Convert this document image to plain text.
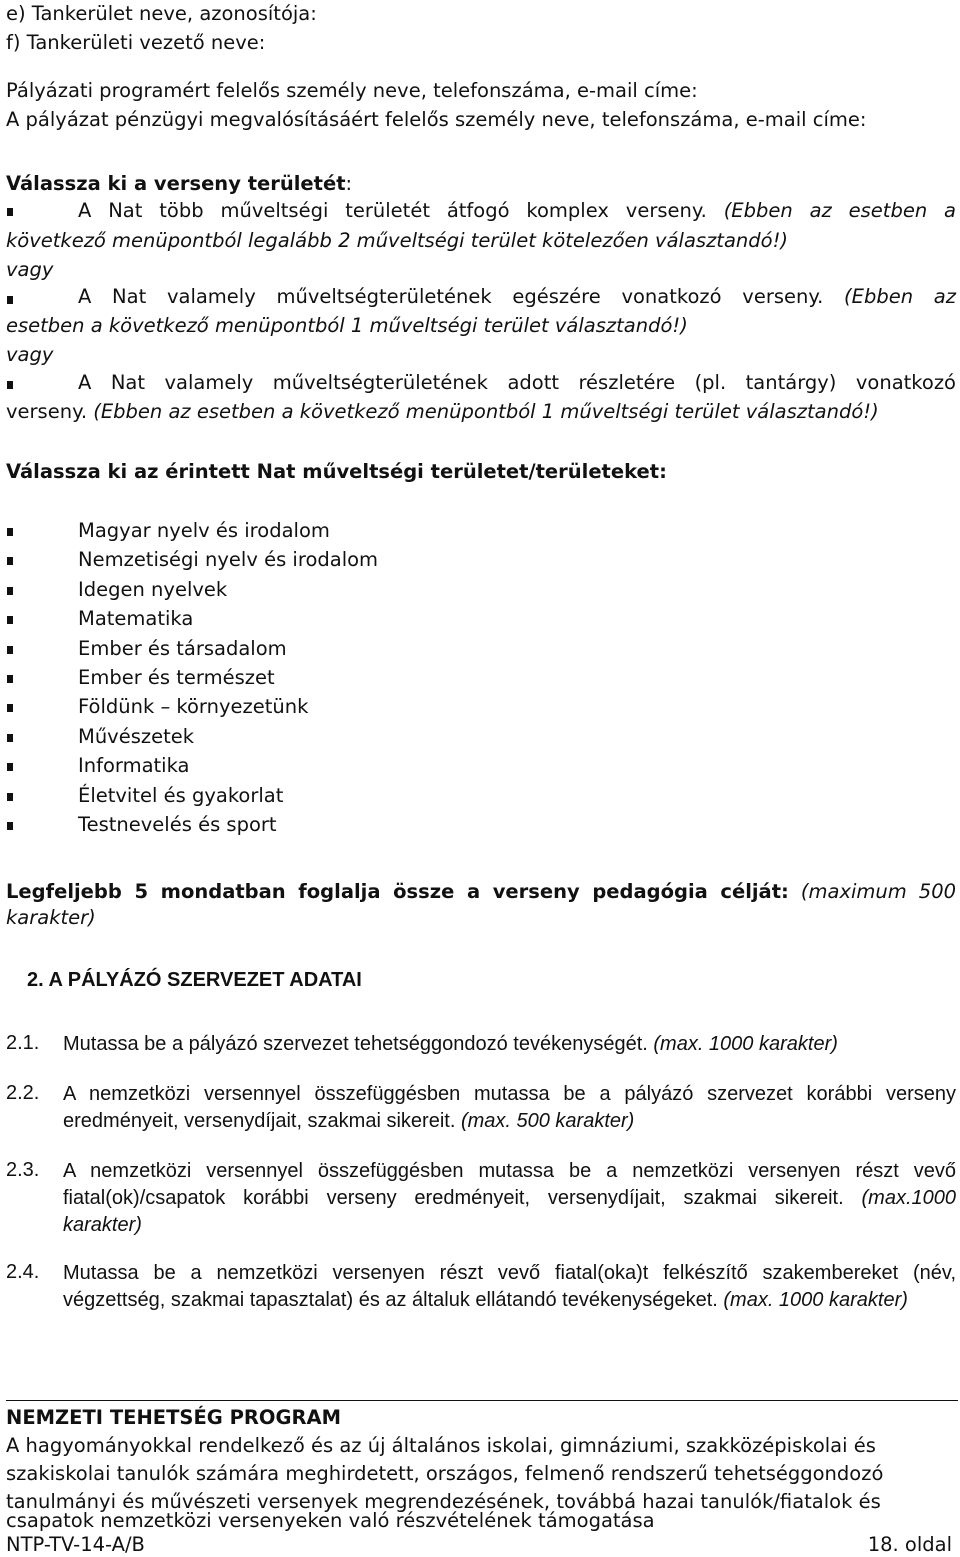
e) Tankerület neve, azonosítója:
f) Tankerületi vezető neve:
Pályázati programért felelős személy neve, telefonszáma, e-mail címe:
A pályázat pénzügyi megvalósításáért felelős személy neve, telefonszáma, e-mail címe:
Válassza ki a verseny területét:
A Nat több műveltségi területét átfogó komplex verseny. (Ebben az esetben a
következő menüpontból legalább 2 műveltségi terület kötelezően választandó!)
vagy
A Nat valamely műveltségterületének egészére vonatkozó verseny. (Ebben az
esetben a következő menüpontból 1 műveltségi terület választandó!)
vagy
A Nat valamely műveltségterületének adott részletére (pl. tantárgy) vonatkozó
verseny. (Ebben az esetben a következő menüpontból 1 műveltségi terület választandó!)
Válassza ki az érintett Nat műveltségi területet/területeket:
Magyar nyelv és irodalom
Nemzetiségi nyelv és irodalom
Idegen nyelvek
Matematika
Ember és társadalom
Ember és természet
Földünk – környezetünk
Művészetek
Informatika
Életvitel és gyakorlat
Testnevelés és sport
Legfeljebb 5 mondatban foglalja össze a verseny pedagógia célját: (maximum 500
karakter)
2. A PÁLYÁZÓ SZERVEZET ADATAI
2.1. Mutassa be a pályázó szervezet tehetséggondozó tevékenységét. (max. 1000 karakter)
2.2. A nemzetközi versennyel összefüggésben mutassa be a pályázó szervezet korábbi verseny
eredményeit, versenydíjait, szakmai sikereit. (max. 500 karakter)
2.3. A nemzetközi versennyel összefüggésben mutassa be a nemzetközi versenyen részt vevő
fiatal(ok)/csapatok korábbi verseny eredményeit, versenydíjait, szakmai sikereit. (max.1000
karakter)
2.4. Mutassa be a nemzetközi versenyen részt vevő fiatal(oka)t felkészítő szakembereket (név,
végzettség, szakmai tapasztalat) és az általuk ellátandó tevékenységeket. (max. 1000 karakter)
NEMZETI TEHETSÉG PROGRAM
A hagyományokkal rendelkező és az új általános iskolai, gimnáziumi, szakközépiskolai és
szakiskolai tanulók számára meghirdetett, országos, felmenő rendszerű tehetséggondozó
tanulmányi és művészeti versenyek megrendezésének, továbbá hazai tanulók/fiatalok és
csapatok nemzetközi versenyeken való részvételének támogatása
NTP-TV-14-A/B	18. oldal
